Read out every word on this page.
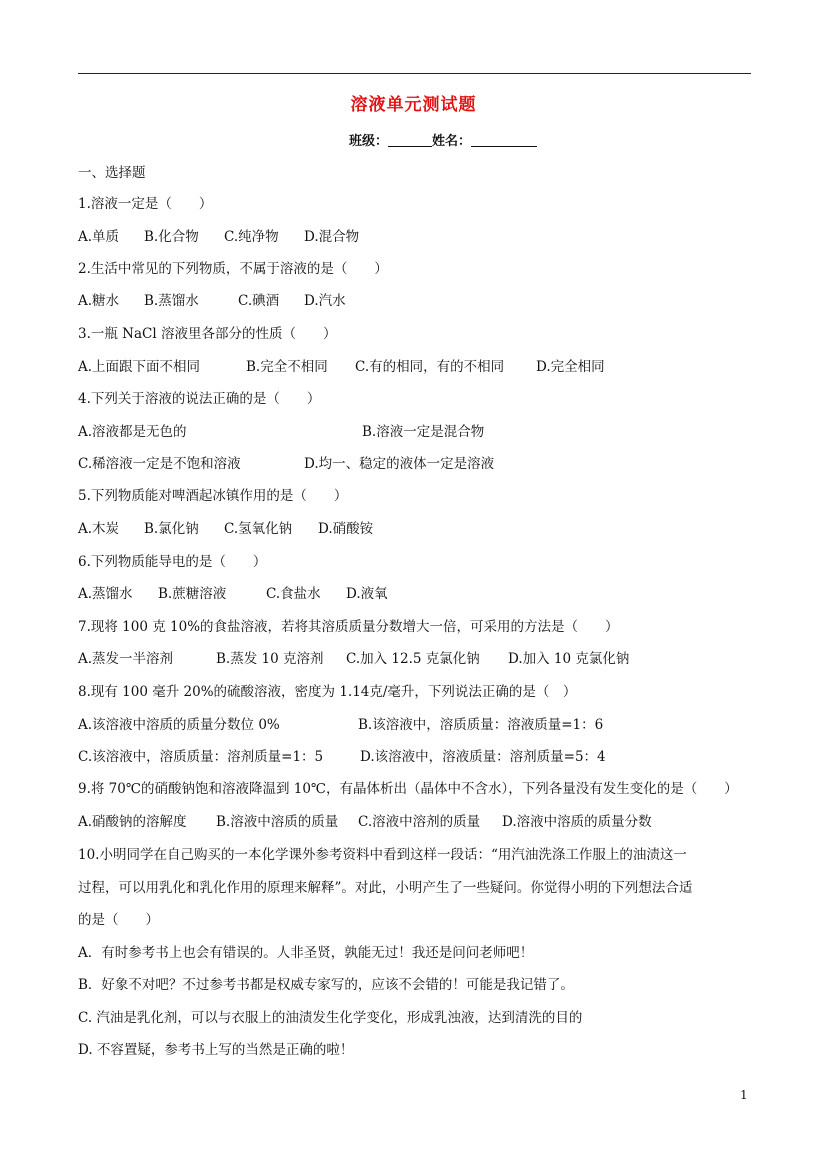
溶液单元测试题
班级：	姓名：
一、选择题
1.溶液一定是（　　）
A.单质 B.化合物 C.纯净物 D.混合物
2.生活中常见的下列物质，不属于溶液的是（　　）
A.糖水 B.蒸馏水	C.碘酒 D.汽水
3.一瓶 NaCl 溶液里各部分的性质（　　）
A.上面跟下面不相同	B.完全不相同 C.有的相同，有的不相同 D.完全相同
4.下列关于溶液的说法正确的是（　　）
A.溶液都是无色的	B.溶液一定是混合物
C.稀溶液一定是不饱和溶液	D.均一、稳定的液体一定是溶液
5.下列物质能对啤酒起冰镇作用的是（　　）
A.木炭 B.氯化钠 C.氢氧化钠 D.硝酸铵
6.下列物质能导电的是（　　）
A.蒸馏水 B.蔗糖溶液	C.食盐水 D.液氧
7.现将 100 克 10%的食盐溶液，若将其溶质质量分数增大一倍，可采用的方法是（　　）
A.蒸发一半溶剂	B.蒸发 10 克溶剂 C.加入 12.5 克氯化钠 D.加入 10 克氯化钠
8.现有 100 毫升 20%的硫酸溶液，密度为 1.14克/毫升，下列说法正确的是（　）
A.该溶液中溶质的质量分数位 0%	B.该溶液中，溶质质量：溶液质量=1：6
C.该溶液中，溶质质量：溶剂质量=1：5	D.该溶液中，溶液质量：溶剂质量=5：4
9.将 70℃的硝酸钠饱和溶液降温到 10℃，有晶体析出（晶体中不含水），下列各量没有发生变化的是（　　）
A.硝酸钠的溶解度 B.溶液中溶质的质量 C.溶液中溶剂的质量 D.溶液中溶质的质量分数
10.小明同学在自己购买的一本化学课外参考资料中看到这样一段话：“用汽油洗涤工作服上的油渍这一
过程，可以用乳化和乳化作用的原理来解释”。对此，小明产生了一些疑问。你觉得小明的下列想法合适
的是（　　）
A．有时参考书上也会有错误的。人非圣贤，孰能无过！我还是问问老师吧！
B．好象不对吧？不过参考书都是权威专家写的，应该不会错的！可能是我记错了。
C. 汽油是乳化剂，可以与衣服上的油渍发生化学变化，形成乳浊液，达到清洗的目的
D. 不容置疑，参考书上写的当然是正确的啦！
1
